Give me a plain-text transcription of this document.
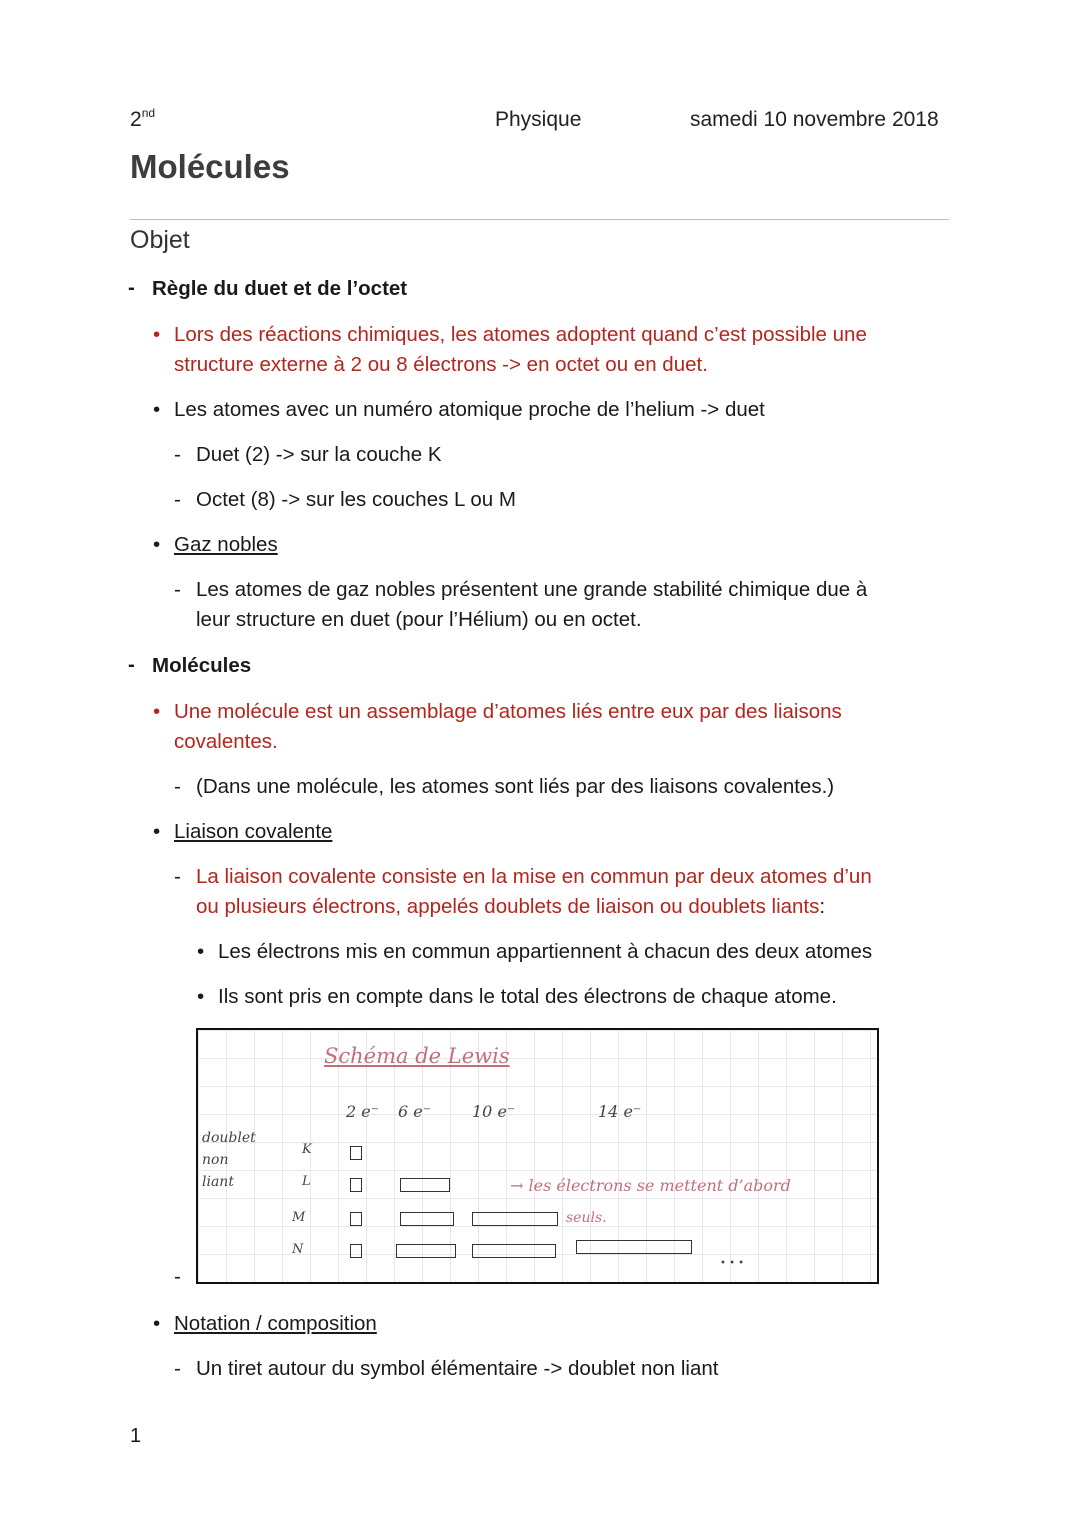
2nd	Physique	samedi 10 novembre 2018
Molécules
Objet
- Règle du duet et de l’octet
• Lors des réactions chimiques, les atomes adoptent quand c’est possible une
structure externe à 2 ou 8 électrons -> en octet ou en duet.
• Les atomes avec un numéro atomique proche de l’helium -> duet
- Duet (2) -> sur la couche K
- Octet (8) -> sur les couches L ou M
• Gaz nobles
- Les atomes de gaz nobles présentent une grande stabilité chimique due à
leur structure en duet (pour l’Hélium) ou en octet.
- Molécules
• Une molécule est un assemblage d’atomes liés entre eux par des liaisons
covalentes.
- (Dans une molécule, les atomes sont liés par des liaisons covalentes.)
• Liaison covalente
- La liaison covalente consiste en la mise en commun par deux atomes d’un
ou plusieurs électrons, appelés doublets de liaison ou doublets liants:
• Les électrons mis en commun appartiennent à chacun des deux atomes
• Ils sont pris en compte dans le total des électrons de chaque atome.
-
Schéma de Lewis
2 e⁻ 6 e⁻	10 e⁻	14 e⁻
doublet
non
liant
K
L
M
N
→ les électrons se mettent d’abord
seuls.
• • •
• Notation / composition
- Un tiret autour du symbol élémentaire -> doublet non liant
1
